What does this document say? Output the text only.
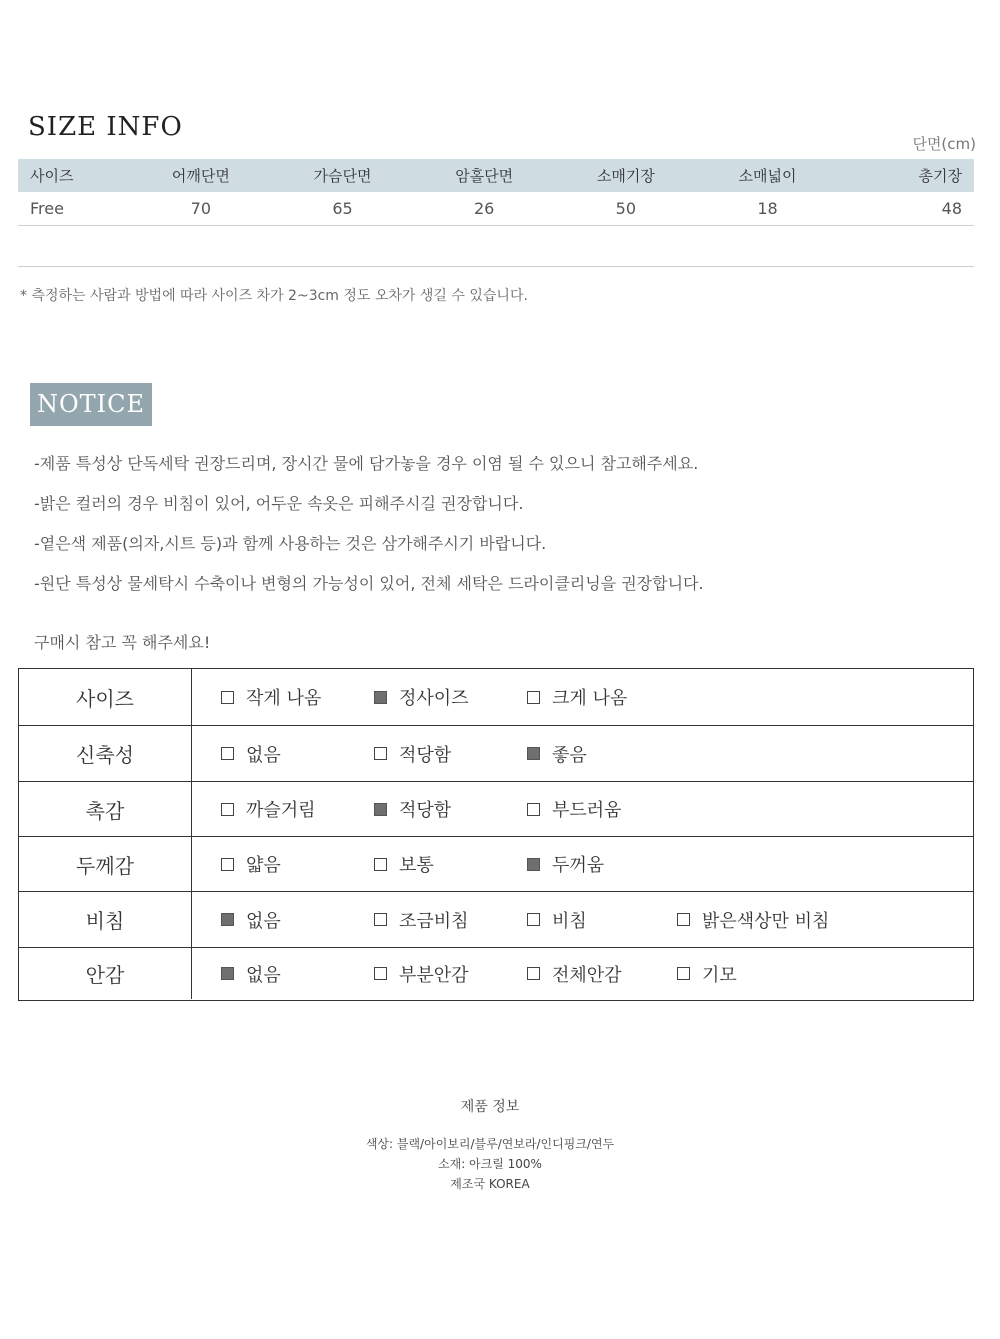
SIZE INFO
단면(cm)
사이즈	어깨단면	가슴단면	암홀단면	소매기장	소매넓이	총기장
Free	70	65	26	50	18	48
* 측정하는 사람과 방법에 따라 사이즈 차가 2~3cm 정도 오차가 생길 수 있습니다.
NOTICE
-제품 특성상 단독세탁 권장드리며, 장시간 물에 담가놓을 경우 이염 될 수 있으니 참고해주세요.
-밝은 컬러의 경우 비침이 있어, 어두운 속옷은 피해주시길 권장합니다.
-옅은색 제품(의자,시트 등)과 함께 사용하는 것은 삼가해주시기 바랍니다.
-원단 특성상 물세탁시 수축이나 변형의 가능성이 있어, 전체 세탁은 드라이클리닝을 권장합니다.
구매시 참고 꼭 해주세요!
사이즈	작게 나옴	정사이즈	크게 나옴
신축성	없음	적당함	좋음
촉감	까슬거림	적당함	부드러움
두께감	얇음	보통	두꺼움
비침	없음	조금비침	비침	밝은색상만 비침
안감	없음	부분안감	전체안감	기모
제품 정보
색상: 블랙/아이보리/블루/연보라/인디핑크/연두
소재: 아크릴 100%
제조국 KOREA
